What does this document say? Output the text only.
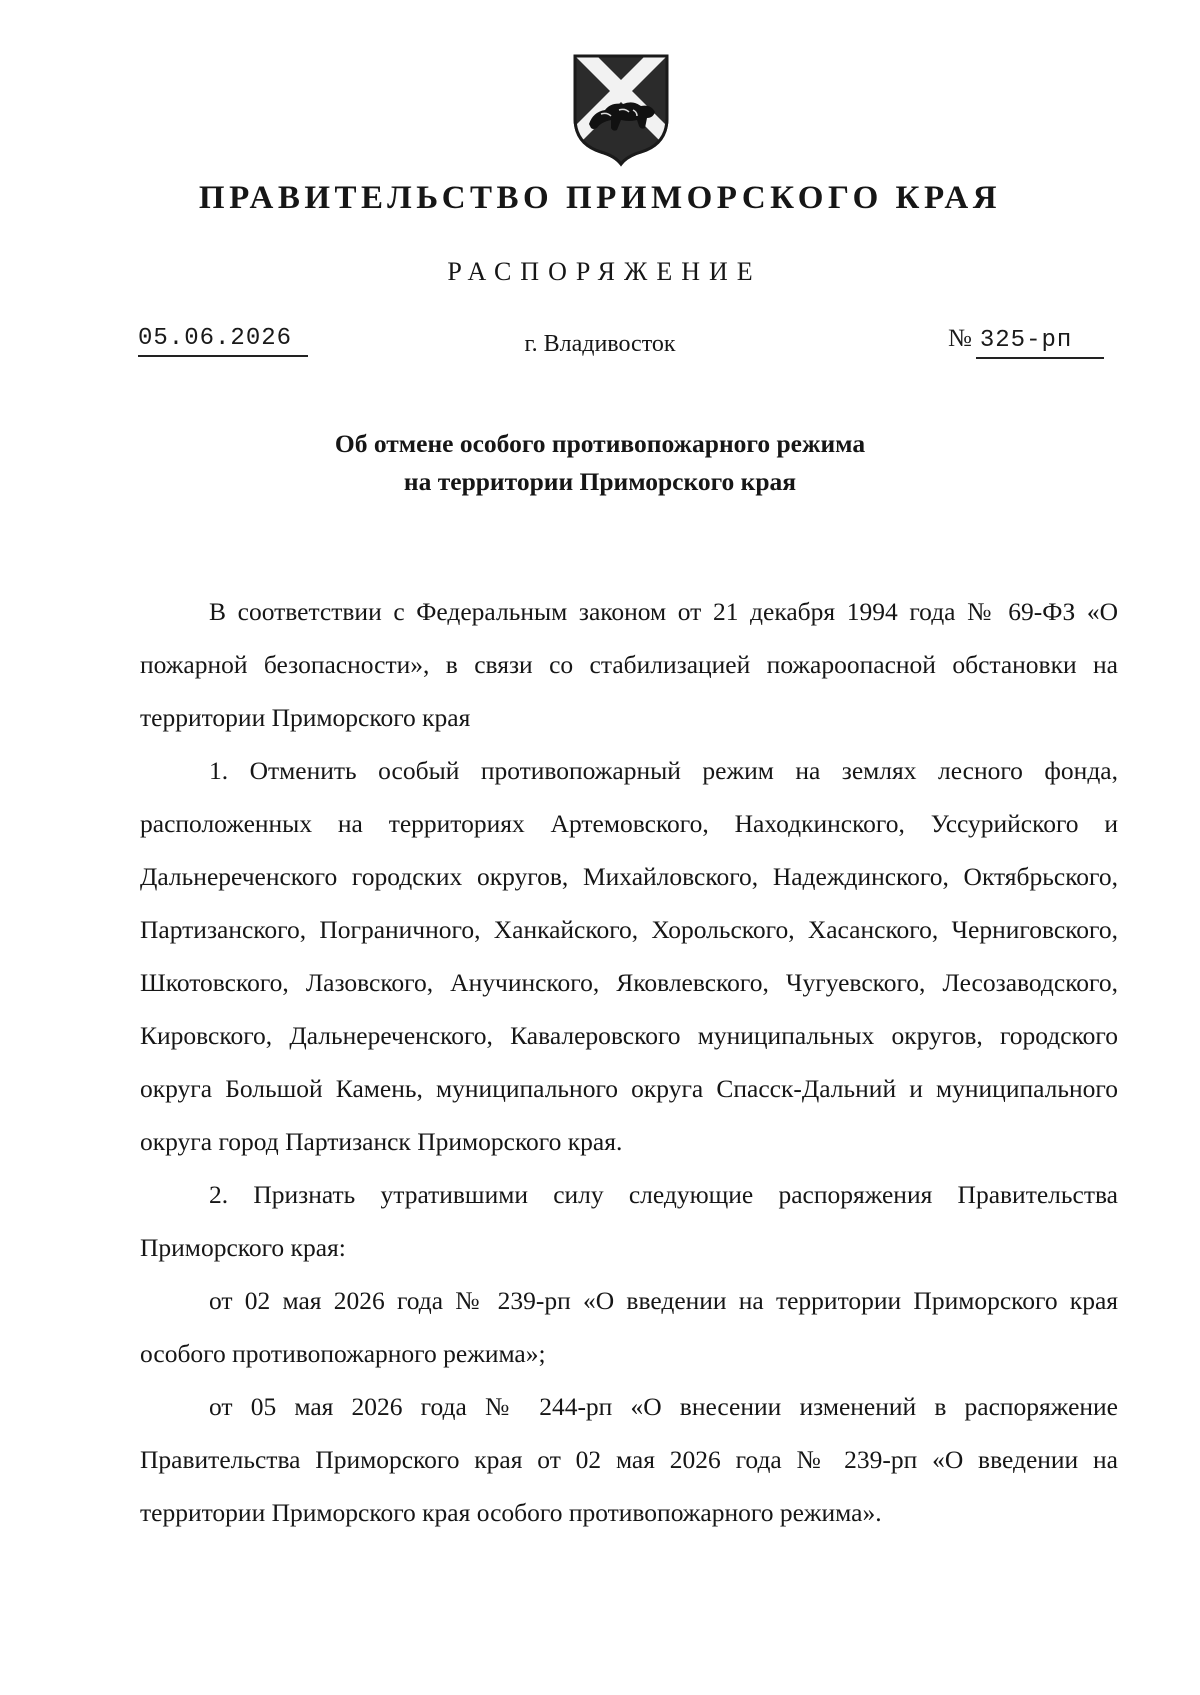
ПРАВИТЕЛЬСТВО ПРИМОРСКОГО КРАЯ
РАСПОРЯЖЕНИЕ
05.06.2026	г. Владивосток	№ 325-рп
Об отмене особого противопожарного режима
на территории Приморского края

В соответствии с Федеральным законом от 21 декабря 1994 года № 69-ФЗ «О пожарной безопасности», в связи со стабилизацией пожароопасной обстановки на территории Приморского края

1. Отменить особый противопожарный режим на землях лесного фонда, расположенных на территориях Артемовского, Находкинского, Уссурийского и Дальнереченского городских округов, Михайловского, Надеждинского, Октябрьского, Партизанского, Пограничного, Ханкайского, Хорольского, Хасанского, Черниговского, Шкотовского, Лазовского, Анучинского, Яковлевского, Чугуевского, Лесозаводского, Кировского, Дальнереченского, Кавалеровского муниципальных округов, городского округа Большой Камень, муниципального округа Спасск-Дальний и муниципального округа город Партизанск Приморского края.

2. Признать утратившими силу следующие распоряжения Правительства Приморского края:

от 02 мая 2026 года № 239-рп «О введении на территории Приморского края особого противопожарного режима»;

от 05 мая 2026 года № 244-рп «О внесении изменений в распоряжение Правительства Приморского края от 02 мая 2026 года № 239-рп «О введении на территории Приморского края особого противопожарного режима».
